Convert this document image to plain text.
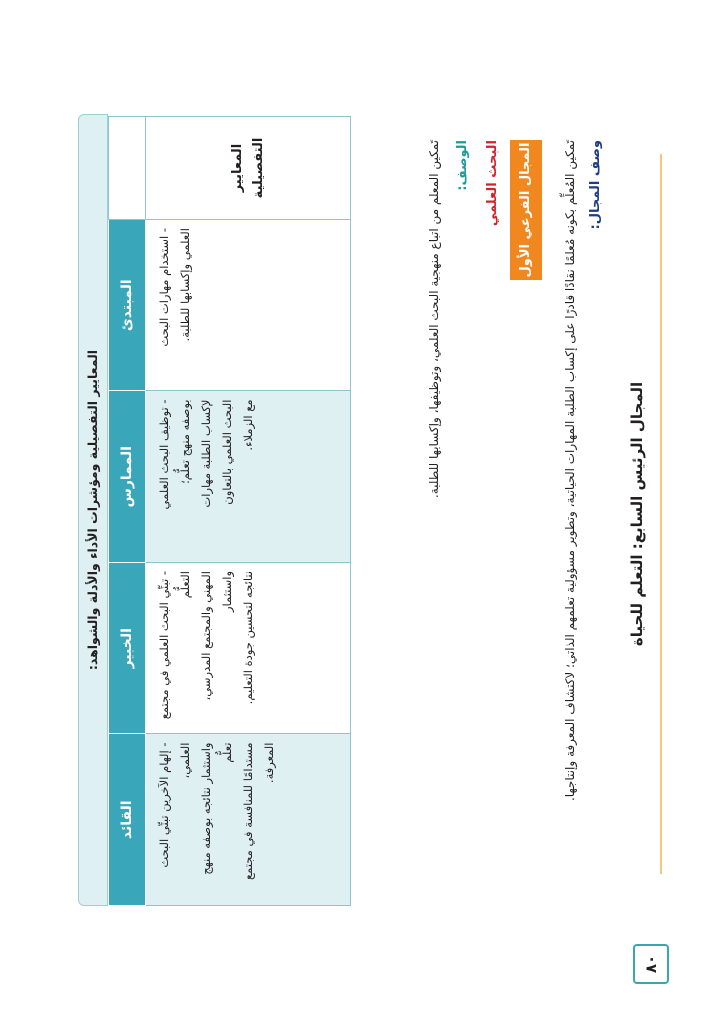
المجال الرئيس السابع: التعلم للحياة
٨٠
وصف المجال:
تَمكين المُعلِّم بكونه مُعلمًا نقادًا قادرًا على إكساب الطلبة المهارات الحياتية، وتطوير مسؤولية تعلمهم الذاتي؛ لاكتشاف المعرفة وإنتاجها.
المجال الفرعي الأول
البحث العلمي
الوصف:
تَمكين المعلم من اتباع منهجية البحث العلمي، وتوظيفها، وإكسابها للطلبة.
المعايير التفصيلية ومؤشرات الأداء والأدلة والشواهد:
	المبتدئ	الممارس	الخبير	القائد

المعايير التفصيلية	- استخدام مهارات البحث العلمي وإكسابها للطلبة.	- توظيف البحث العلمي بوصفه منهج تعلُّم؛ لإكساب الطلبة مهارات البحث العلمي بالتعاون مع الزملاء.	- تبنِّي البحث العلمي في مجتمع التعلُّم المهني والمجتمع المدرسي، واستثمار نتائجه لتحسين جودة التعليم.	- إلهام الآخرين تبنِّي البحث العلمي، واستثمار نتائجه بوصفه منهج تعلُّم مستدامًا للمنافسة في مجتمع المعرفة.
